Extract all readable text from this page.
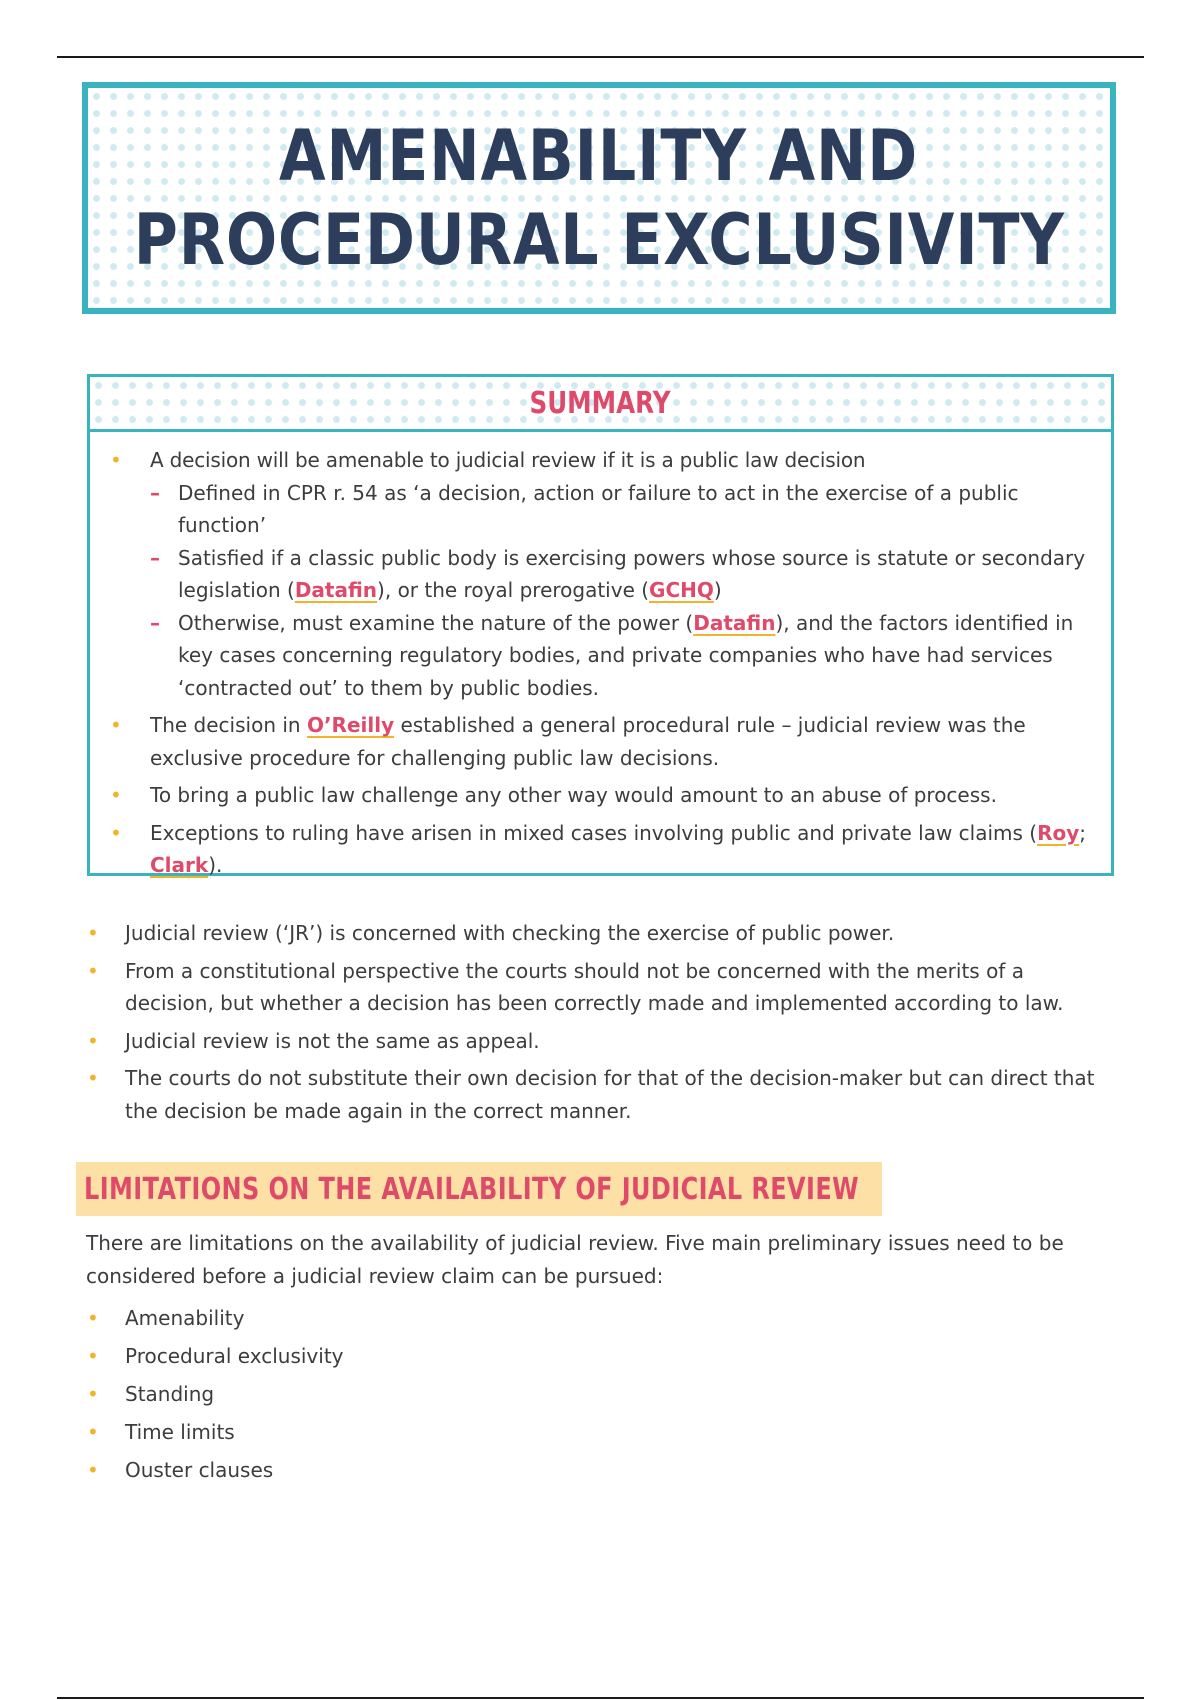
AMENABILITY AND
PROCEDURAL EXCLUSIVITY
SUMMARY
• A decision will be amenable to judicial review if it is a public law decision
– Defined in CPR r. 54 as ‘a decision, action or failure to act in the exercise of a public function’
– Satisfied if a classic public body is exercising powers whose source is statute or secondary legislation (Datafin), or the royal prerogative (GCHQ)
– Otherwise, must examine the nature of the power (Datafin), and the factors identified in key cases concerning regulatory bodies, and private companies who have had services ‘contracted out’ to them by public bodies.
• The decision in O’Reilly established a general procedural rule – judicial review was the exclusive procedure for challenging public law decisions.
• To bring a public law challenge any other way would amount to an abuse of process.
• Exceptions to ruling have arisen in mixed cases involving public and private law claims (Roy; Clark).
• Judicial review (‘JR’) is concerned with checking the exercise of public power.
• From a constitutional perspective the courts should not be concerned with the merits of a decision, but whether a decision has been correctly made and implemented according to law.
• Judicial review is not the same as appeal.
• The courts do not substitute their own decision for that of the decision-maker but can direct that the decision be made again in the correct manner.
LIMITATIONS ON THE AVAILABILITY OF JUDICIAL REVIEW
There are limitations on the availability of judicial review. Five main preliminary issues need to be considered before a judicial review claim can be pursued:
• Amenability
• Procedural exclusivity
• Standing
• Time limits
• Ouster clauses
